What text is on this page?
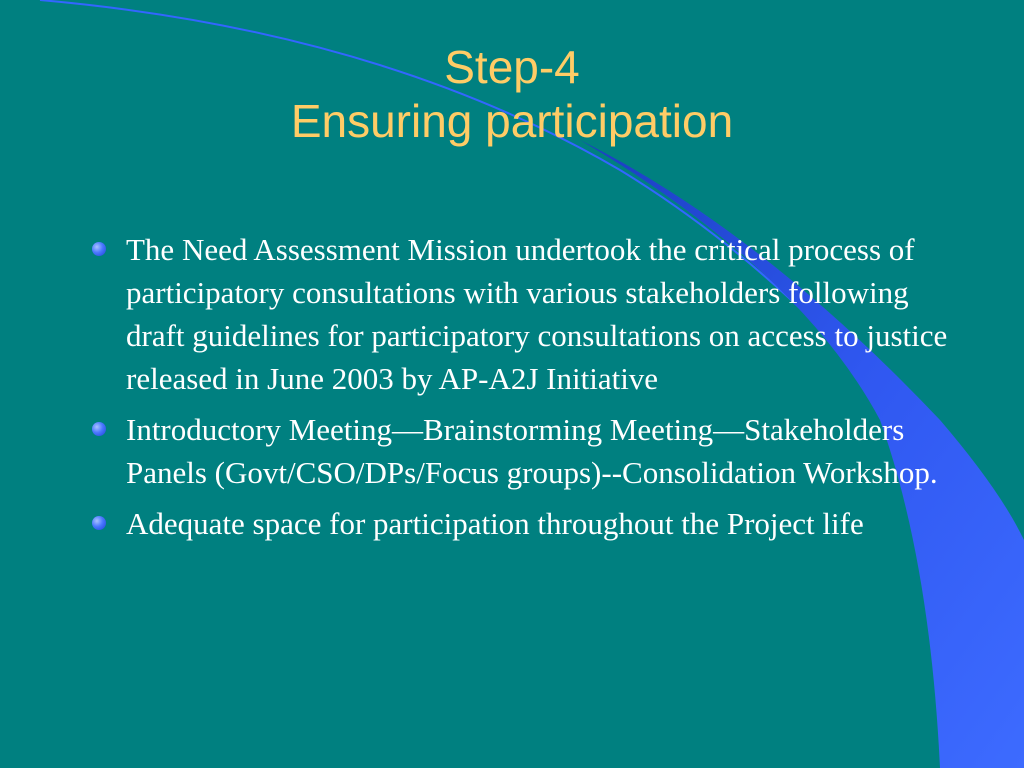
Step-4
Ensuring participation
The Need Assessment Mission undertook the critical process of participatory consultations with various stakeholders following draft guidelines for participatory consultations on access to justice released in June 2003 by AP-A2J Initiative
Introductory Meeting—Brainstorming Meeting—Stakeholders Panels (Govt/CSO/DPs/Focus groups)--Consolidation Workshop.
Adequate space for participation throughout the Project life
